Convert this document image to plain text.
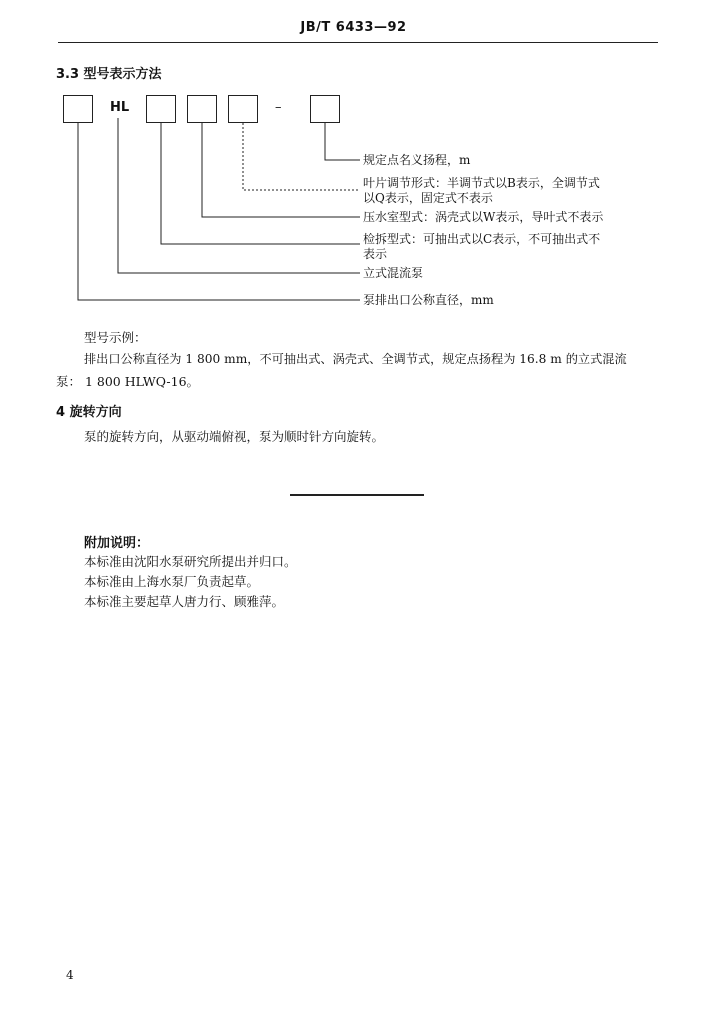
JB/T 6433—92
3.3 型号表示方法
HL	–
规定点名义扬程，m
叶片调节形式：半调节式以B表示，全调节式
以Q表示，固定式不表示
压水室型式：涡壳式以W表示，导叶式不表示
检拆型式：可抽出式以C表示，不可抽出式不
表示
立式混流泵
泵排出口公称直径，mm
型号示例：
排出口公称直径为 1 800 mm，不可抽出式、涡壳式、全调节式，规定点扬程为 16.8 m 的立式混流
泵： 1 800 HLWQ-16。
4 旋转方向
泵的旋转方向，从驱动端俯视，泵为顺时针方向旋转。
附加说明：
本标准由沈阳水泵研究所提出并归口。
本标准由上海水泵厂负责起草。
本标准主要起草人唐力行、顾雅萍。
4
